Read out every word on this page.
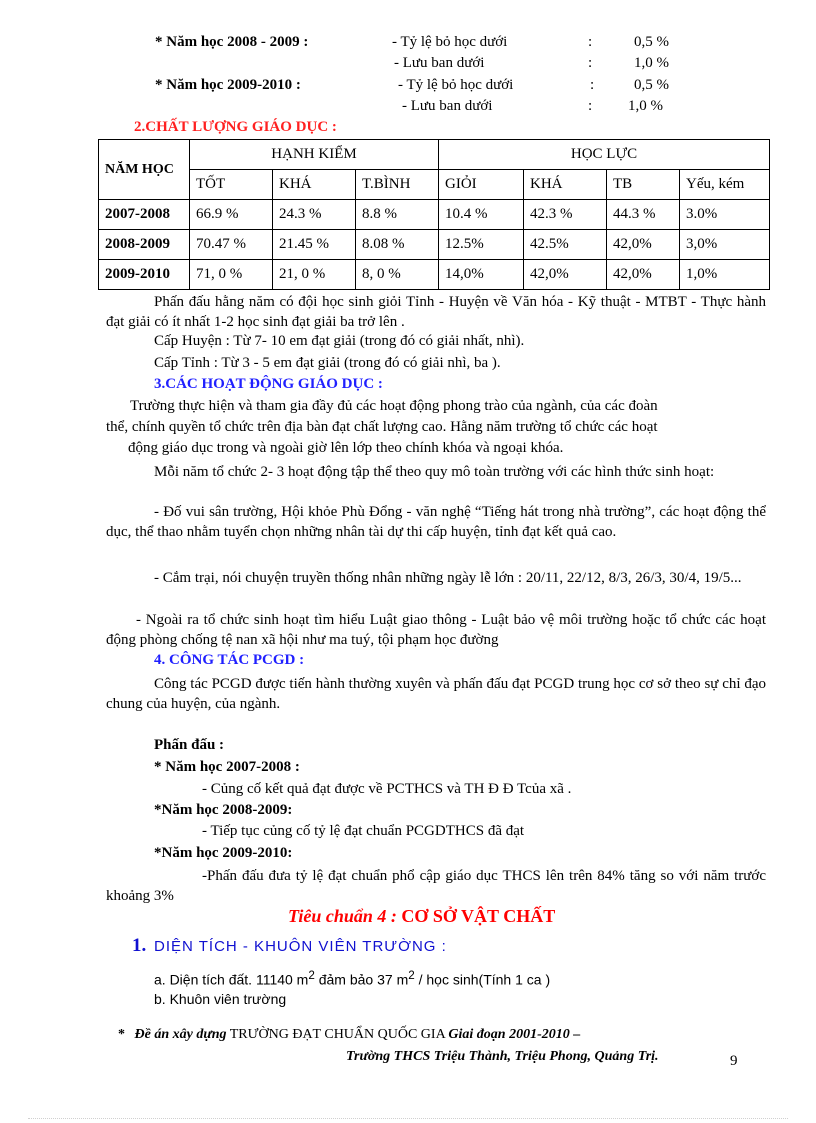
* Năm học 2008 - 2009 :	- Tỷ lệ bỏ học dưới	:	0,5 %
- Lưu ban dưới	:	1,0 %
* Năm học 2009-2010 :	- Tỷ lệ bỏ học dưới	:	0,5 %
- Lưu ban dưới	: 1,0 %
2.CHẤT LƯỢNG GIÁO DỤC :
NĂM HỌC	HẠNH KIỂM			HỌC LỰC			
	TỐT	KHÁ	T.BÌNH	GIỎI	KHÁ	TB	Yếu, kém
2007-2008	66.9 %	24.3 %	8.8 %	10.4 %	42.3 %	44.3 %	3.0%
2008-2009	70.47 %	21.45 %	8.08 %	12.5%	42.5%	42,0%	3,0%
2009-2010	71, 0 %	21, 0 %	8, 0 %	14,0%	42,0%	42,0%	1,0%
Phấn đấu hằng năm có đội học sinh giỏi Tỉnh - Huyện về Văn hóa - Kỹ thuật - MTBT - Thực hành đạt giải có ít nhất 1-2 học sinh đạt giải ba trở lên .
Cấp Huyện : Từ 7- 10 em đạt giải (trong đó có giải nhất, nhì).
Cấp Tỉnh : Từ 3 - 5 em đạt giải (trong đó có giải nhì, ba ).
3.CÁC HOẠT ĐỘNG GIÁO DỤC :
Trường thực hiện và tham gia đầy đủ các hoạt động phong trào của ngành, của các đoàn
thể, chính quyền tổ chức trên địa bàn đạt chất lượng cao. Hằng năm trường tổ chức các hoạt
động giáo dục trong và ngoài giờ lên lớp theo chính khóa và ngoại khóa.
Mỗi năm tổ chức 2- 3 hoạt động tập thể theo quy mô toàn trường với các hình thức sinh hoạt:
- Đố vui sân trường, Hội khỏe Phù Đổng - văn nghệ “Tiếng hát trong nhà trường”, các hoạt động thể dục, thể thao nhằm tuyển chọn những nhân tài dự thi cấp huyện, tỉnh đạt kết quả cao.
- Cắm trại, nói chuyện truyền thống nhân những ngày lễ lớn : 20/11, 22/12, 8/3, 26/3, 30/4, 19/5...
- Ngoài ra tổ chức sinh hoạt tìm hiểu Luật giao thông - Luật bảo vệ môi trường hoặc tổ chức các hoạt động phòng chống tệ nan xã hội như ma tuý, tội phạm học đường
4. CÔNG TÁC PCGD :
Công tác PCGD được tiến hành thường xuyên và phấn đấu đạt PCGD trung học cơ sở theo sự chỉ đạo chung của huyện, của ngành.
Phấn đấu :
* Năm học 2007-2008 :
- Củng cố kết quả đạt được về PCTHCS và TH Đ Đ Tcủa xã .
*Năm học 2008-2009:
- Tiếp tục củng cố tỷ lệ đạt chuẩn PCGDTHCS đã đạt
*Năm học 2009-2010:
-Phấn đấu đưa tỷ lệ đạt chuẩn phổ cập giáo dục THCS lên trên 84% tăng so với năm trước khoảng 3%
Tiêu chuẩn 4 : CƠ SỞ VẬT CHẤT
1. DIỆN TÍCH - KHUÔN VIÊN TRƯỜNG :
a. Diện tích đất. 11140 $m^2$ đảm bảo 37 $m^2$ / học sinh(Tính 1 ca )
b. Khuôn viên trường
* Đề án xây dựng TRƯỜNG ĐẠT CHUẨN QUỐC GIA Giai đoạn 2001-2010 –
Trường THCS Triệu Thành, Triệu Phong, Quảng Trị.	9
